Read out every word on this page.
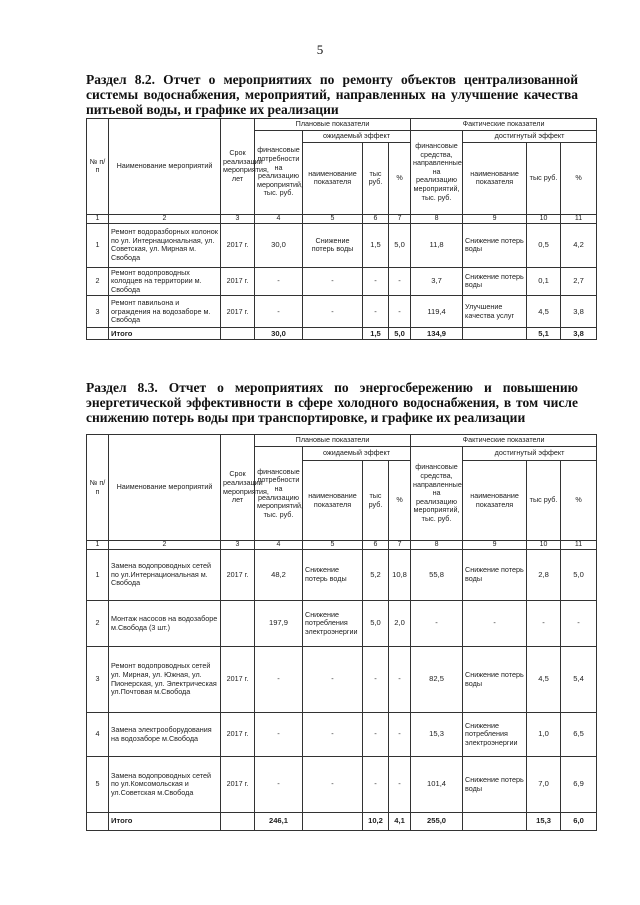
5
Раздел 8.2. Отчет о мероприятиях по ремонту объектов централизованной системы водоснабжения, мероприятий, направленных на улучшение качества питьевой воды, и графике их реализации
№ п/п	Наименование мероприятий	Срок реализации мероприятия, лет	Плановые показатели				Фактические показатели			
			финансовые потребности на реализацию мероприятий, тыс. руб.	ожидаемый эффект			финансовые средства, направленные на реализацию мероприятий, тыс. руб.	достигнутый эффект		
				наименование показателя	тыс руб.	%		наименование показателя	тыс руб.	%
1	2	3	4	5	6	7	8	9	10	11
1	Ремонт водоразборных колонок по ул. Интернациональная, ул. Советская, ул. Мирная м. Свобода	2017 г.	30,0	Снижение потерь воды	1,5	5,0	11,8	Снижение потерь воды	0,5	4,2
2	Ремонт водопроводных колодцев на территории м. Свобода	2017 г.	-	-	-	-	3,7	Снижение потерь воды	0,1	2,7
3	Ремонт павильона и ограждения на водозаборе м. Свобода	2017 г.	-	-	-	-	119,4	Улучшение качества услуг	4,5	3,8
	Итого		30,0		1,5	5,0	134,9		5,1	3,8
Раздел 8.3. Отчет о мероприятиях по энергосбережению и повышению энергетической эффективности в сфере холодного водоснабжения, в том числе снижению потерь воды при транспортировке, и графике их реализации
№ п/п	Наименование мероприятий	Срок реализации мероприятия, лет	Плановые показатели				Фактические показатели			
			финансовые потребности на реализацию мероприятий, тыс. руб.	ожидаемый эффект			финансовые средства, направленные на реализацию мероприятий, тыс. руб.	достигнутый эффект		
				наименование показателя	тыс руб.	%		наименование показателя	тыс руб.	%
1	2	3	4	5	6	7	8	9	10	11
1	Замена водопроводных сетей по ул.Интернациональная м. Свобода	2017 г.	48,2	Снижение потерь воды	5,2	10,8	55,8	Снижение потерь воды	2,8	5,0
2	Монтаж насосов на водозаборе м.Свобода (3 шт.)		197,9	Снижение потребления электроэнергии	5,0	2,0	-	-	-	-
3	Ремонт водопроводных сетей ул. Мирная, ул. Южная, ул. Пионерская, ул. Электрическая ул.Почтовая м.Свобода	2017 г.	-	-	-	-	82,5	Снижение потерь воды	4,5	5,4
4	Замена электрооборудования на водозаборе м.Свобода	2017 г.	-	-	-	-	15,3	Снижение потребления электроэнергии	1,0	6,5
5	Замена водопроводных сетей по ул.Комсомольская и ул.Советская м.Свобода	2017 г.	-	-	-	-	101,4	Снижение потерь воды	7,0	6,9
	Итого		246,1		10,2	4,1	255,0		15,3	6,0
